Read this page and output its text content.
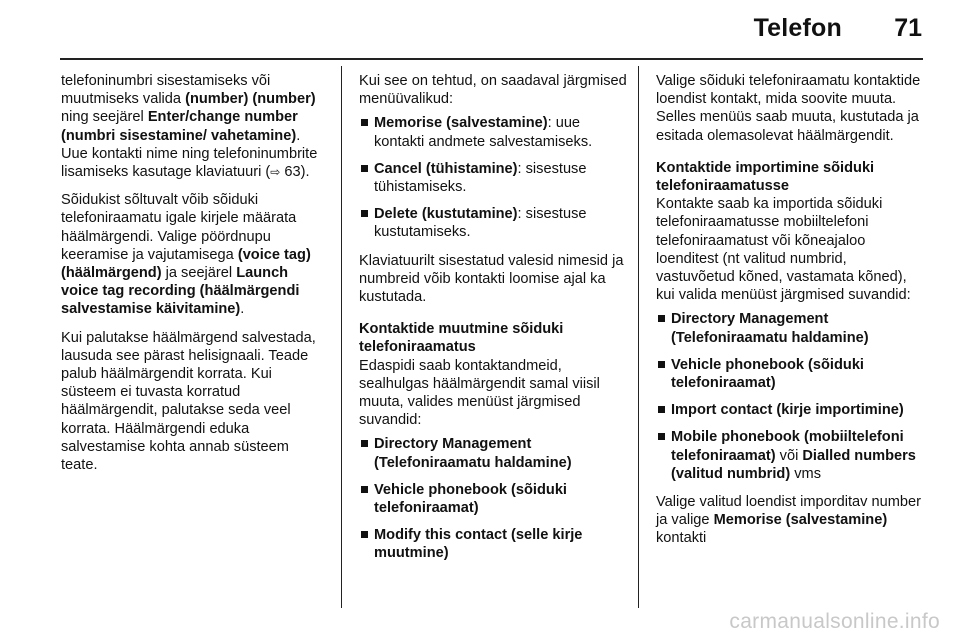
Telefon 71

telefoninumbri sisestamiseks või muutmiseks valida (number) (number) ning seejärel Enter/change number (numbri sisestamine/ vahetamine). Uue kontakti nime ning telefoninumbrite lisamiseks kasutage klaviatuuri (⇨ 63).

Sõidukist sõltuvalt võib sõiduki telefoniraamatu igale kirjele määrata häälmärgendi. Valige pöördnupu keeramise ja vajutamisega (voice tag) (häälmärgend) ja seejärel Launch voice tag recording (häälmärgendi salvestamise käivitamine).

Kui palutakse häälmärgend salvestada, lausuda see pärast helisignaali. Teade palub häälmärgendit korrata. Kui süsteem ei tuvasta korratud häälmärgendit, palutakse seda veel korrata. Häälmärgendi eduka salvestamise kohta annab süsteem teate.

Kui see on tehtud, on saadaval järgmised menüüvalikud:

Memorise (salvestamine): uue kontakti andmete salvestamiseks.
Cancel (tühistamine): sisestuse tühistamiseks.
Delete (kustutamine): sisestuse kustutamiseks.

Klaviatuurilt sisestatud valesid nimesid ja numbreid võib kontakti loomise ajal ka kustutada.

Kontaktide muutmine sõiduki telefoniraamatus

Edaspidi saab kontaktandmeid, sealhulgas häälmärgendit samal viisil muuta, valides menüüst järgmised suvandid:

Directory Management (Telefoniraamatu haldamine)
Vehicle phonebook (sõiduki telefoniraamat)
Modify this contact (selle kirje muutmine)

Valige sõiduki telefoniraamatu kontaktide loendist kontakt, mida soovite muuta. Selles menüüs saab muuta, kustutada ja esitada olemasolevat häälmärgendit.

Kontaktide importimine sõiduki telefoniraamatusse

Kontakte saab ka importida sõiduki telefoniraamatusse mobiiltelefoni telefoniraamatust või kõneajaloo loenditest (nt valitud numbrid, vastuvõetud kõned, vastamata kõned), kui valida menüüst järgmised suvandid:

Directory Management (Telefoniraamatu haldamine)
Vehicle phonebook (sõiduki telefoniraamat)
Import contact (kirje importimine)
Mobile phonebook (mobiiltelefoni telefoniraamat) või Dialled numbers (valitud numbrid) vms

Valige valitud loendist imporditav number ja valige Memorise (salvestamine) kontakti

carmanualsonline.info
